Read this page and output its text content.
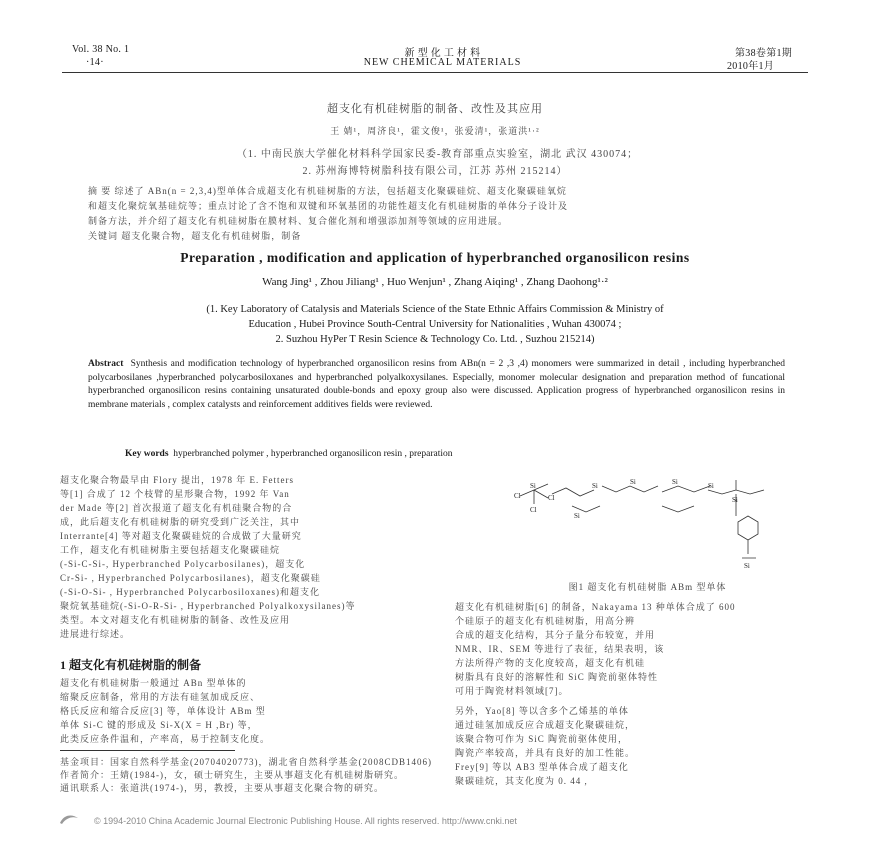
Vol. 38 No. 1
·14·
新 型 化 工 材 料
NEW CHEMICAL MATERIALS
第38卷第1期
2010年1月
超支化有机硅树脂的制备、改性及其应用
王 婧¹，周济良¹，霍文俊¹，张爱清¹，张道洪¹·²
（1. 中南民族大学催化材料科学国家民委-教育部重点实验室，湖北 武汉 430074；
2. 苏州海博特树脂科技有限公司，江苏 苏州 215214）
摘 要 综述了 ABn(n = 2,3,4)型单体合成超支化有机硅树脂的方法，包括超支化聚碳硅烷、超支化聚碳硅氧烷
和超支化聚烷氧基硅烷等；重点讨论了含不饱和双键和环氧基团的功能性超支化有机硅树脂的单体分子设计及
制备方法，并介绍了超支化有机硅树脂在膜材料、复合催化剂和增强添加剂等领域的应用进展。
关键词 超支化聚合物，超支化有机硅树脂，制备
Preparation , modification and application of hyperbranched organosilicon resins
Wang Jing¹ , Zhou Jiliang¹ , Huo Wenjun¹ , Zhang Aiqing¹ , Zhang Daohong¹·²
(1. Key Laboratory of Catalysis and Materials Science of the State Ethnic Affairs Commission & Ministry of
Education , Hubei Province South-Central University for Nationalities , Wuhan 430074 ;
2. Suzhou HyPer T Resin Science & Technology Co. Ltd. , Suzhou 215214)
Abstract Synthesis and modification technology of hyperbranched organosilicon resins from ABn(n = 2 ,3 ,4) monomers were summarized in detail , including hyperbranched polycarbosilanes ,hyperbranched polycarbosiloxanes and hyperbranched polyalkoxysilanes. Especially, monomer molecular designation and preparation method of funcational hyperbranched organosilicon resins containing unsaturated double-bonds and epoxy group also were discussed. Application progress of hyperbranched organosilicon resins in membrane materials , complex catalysts and reinforcement additives fields were reviewed.
Key words hyperbranched polymer , hyperbranched organosilicon resin , preparation
超支化聚合物最早由 Flory 提出，1978 年 E. Fetters
等[1] 合成了 12 个枝臂的星形聚合物，1992 年 Van
der Made 等[2] 首次报道了超支化有机硅聚合物的合
成，此后超支化有机硅树脂的研究受到广泛关注，其中
Interrante[4] 等对超支化聚碳硅烷的合成做了大量研究
工作，超支化有机硅树脂主要包括超支化聚碳硅烷
(-Si-C-Si-, Hyperbranched Polycarbosilanes)，超支化
Cr-Si- , Hyperbranched Polycarbosilanes)，超支化聚碳硅
(-Si-O-Si- , Hyperbranched Polycarbosiloxanes)和超支化
聚烷氧基硅烷(-Si-O-R-Si- , Hyperbranched Polyalkoxysilanes)等
类型。本文对超支化有机硅树脂的制备、改性及应用
进展进行综述。
1 超支化有机硅树脂的制备
超支化有机硅树脂一般通过 ABn 型单体的
缩聚反应制备，常用的方法有硅氢加成反应、
格氏反应和缩合反应[3] 等，单体设计 ABm 型
单体 Si-C 键的形成及 Si-X(X = H ,Br) 等，
此类反应条件温和，产率高，易于控制支化度。
基金项目：国家自然科学基金(20704020773)，湖北省自然科学基金(2008CDB1406)
作者简介：王婧(1984-)，女，硕士研究生，主要从事超支化有机硅树脂研究。
通讯联系人：张道洪(1974-)，男，教授，主要从事超支化聚合物的研究。
Cl
Si
Cl
Cl
Si	Si	Si	Si
Si
Si
Si
图1 超支化有机硅树脂 ABm 型单体
超支化有机硅树脂[6] 的制备，Nakayama 13 种单体合成了 600
个硅原子的超支化有机硅树脂，用高分辨
合成的超支化结构，其分子量分布较宽，并用
NMR、IR、SEM 等进行了表征，结果表明，该
方法所得产物的支化度较高，超支化有机硅
树脂具有良好的溶解性和 SiC 陶瓷前驱体特性
可用于陶瓷材料领域[7]。
另外，Yao[8] 等以含多个乙烯基的单体
通过硅氢加成反应合成超支化聚碳硅烷，
该聚合物可作为 SiC 陶瓷前驱体使用，
陶瓷产率较高，并具有良好的加工性能。
Frey[9] 等以 AB3 型单体合成了超支化
聚碳硅烷，其支化度为 0. 44 ,
© 1994-2010 China Academic Journal Electronic Publishing House. All rights reserved. http://www.cnki.net
